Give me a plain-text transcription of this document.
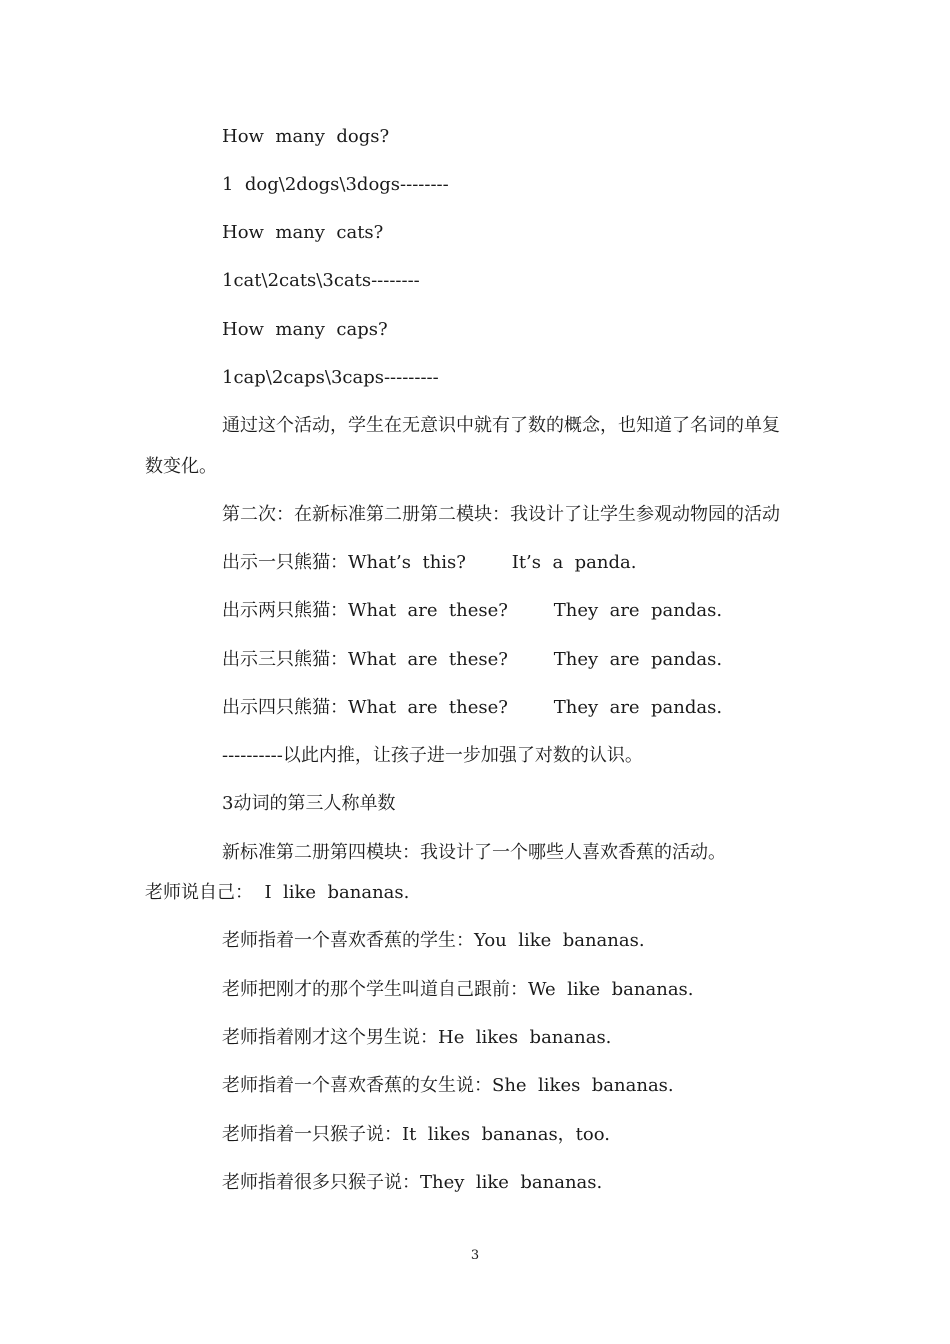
How  many  dogs?
1  dog\2dogs\3dogs--------
How  many  cats?
1cat\2cats\3cats--------
How  many  caps?
1cap\2caps\3caps---------
通过这个活动，学生在无意识中就有了数的概念，也知道了名词的单复
数变化。
第二次：在新标准第二册第二模块：我设计了让学生参观动物园的活动
出示一只熊猫：What’s  this?        It’s  a  panda.
出示两只熊猫：What  are  these?        They  are  pandas.
出示三只熊猫：What  are  these?        They  are  pandas.
出示四只熊猫：What  are  these?        They  are  pandas.
----------以此内推，让孩子进一步加强了对数的认识。
3动词的第三人称单数
新标准第二册第四模块：我设计了一个哪些人喜欢香蕉的活动。
老师说自己：  I  like  bananas.
老师指着一个喜欢香蕉的学生：You  like  bananas.
老师把刚才的那个学生叫道自己跟前：We  like  bananas.
老师指着刚才这个男生说：He  likes  bananas.
老师指着一个喜欢香蕉的女生说：She  likes  bananas.
老师指着一只猴子说：It  likes  bananas，too.
老师指着很多只猴子说：They  like  bananas.
3
